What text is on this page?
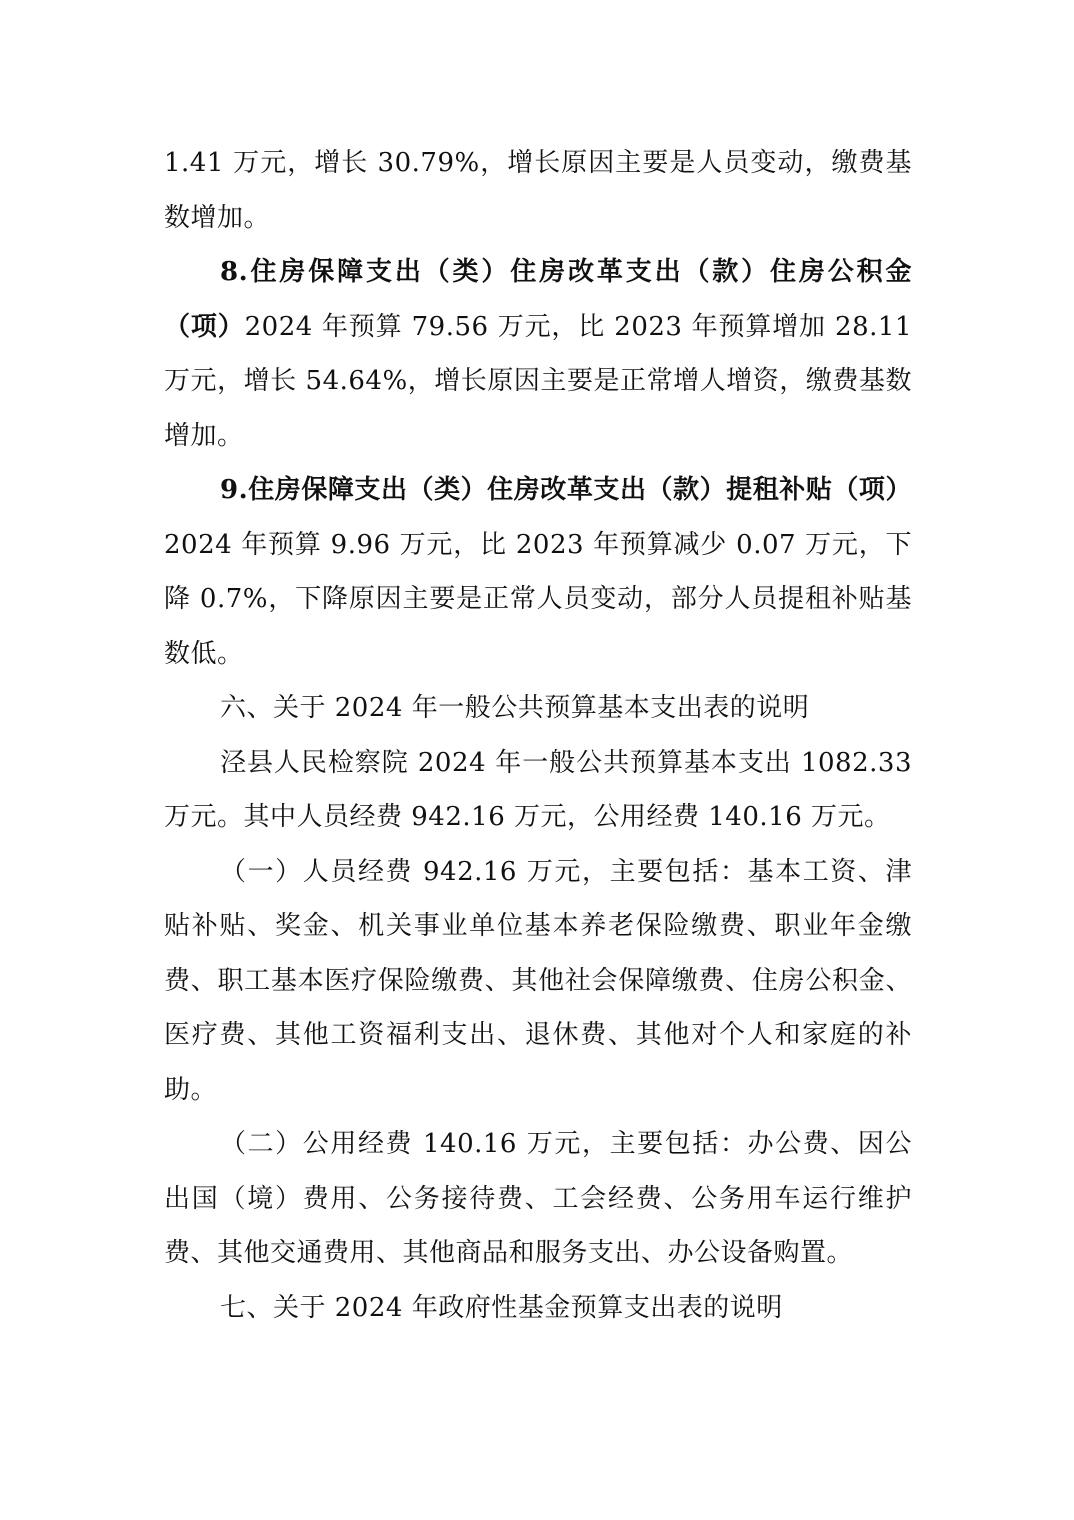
1.41 万元，增长 30.79%，增长原因主要是人员变动，缴费基数增加。

8.住房保障支出（类）住房改革支出（款）住房公积金（项）2024 年预算 79.56 万元，比 2023 年预算增加 28.11 万元，增长 54.64%，增长原因主要是正常增人增资，缴费基数增加。

9.住房保障支出（类）住房改革支出（款）提租补贴（项）2024 年预算 9.96 万元，比 2023 年预算减少 0.07 万元，下降 0.7%，下降原因主要是正常人员变动，部分人员提租补贴基数低。

六、关于 2024 年一般公共预算基本支出表的说明

泾县人民检察院 2024 年一般公共预算基本支出 1082.33 万元。其中人员经费 942.16 万元，公用经费 140.16 万元。

（一）人员经费 942.16 万元，主要包括：基本工资、津贴补贴、奖金、机关事业单位基本养老保险缴费、职业年金缴费、职工基本医疗保险缴费、其他社会保障缴费、住房公积金、医疗费、其他工资福利支出、退休费、其他对个人和家庭的补助。

（二）公用经费 140.16 万元，主要包括：办公费、因公出国（境）费用、公务接待费、工会经费、公务用车运行维护费、其他交通费用、其他商品和服务支出、办公设备购置。

七、关于 2024 年政府性基金预算支出表的说明
